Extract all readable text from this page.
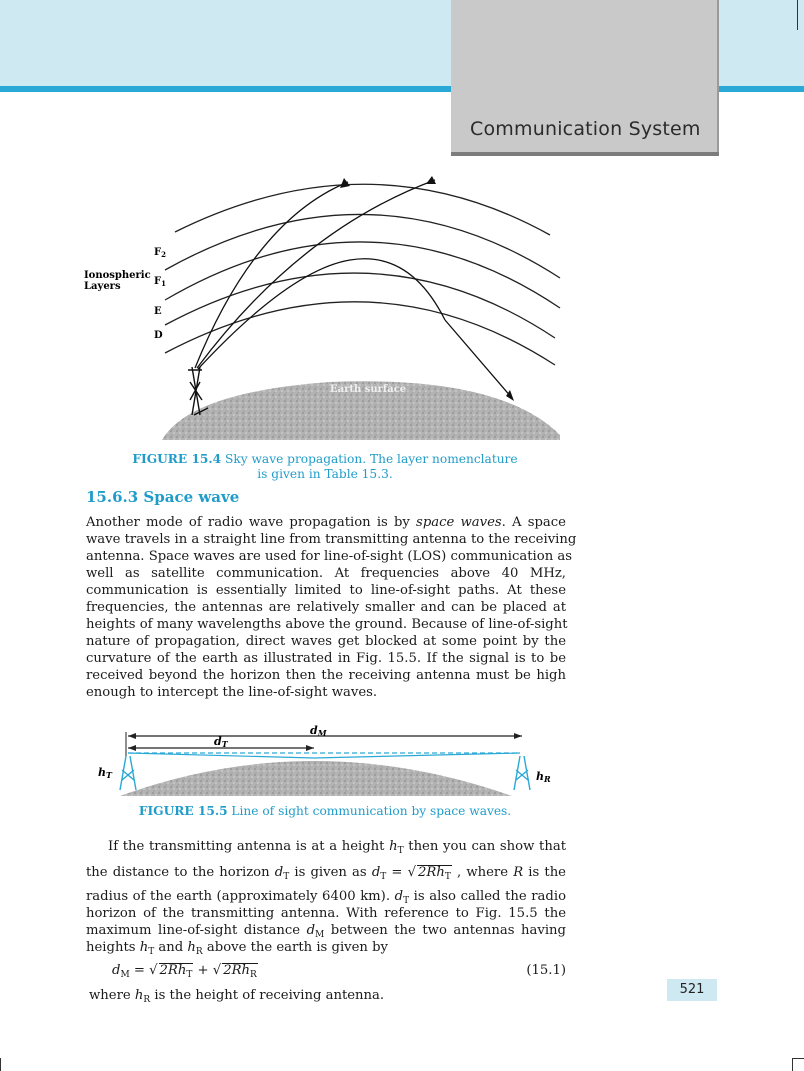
Communication System
Earth surface
Ionospheric
Layers
$F_2$
$F_1$
E
D
FIGURE 15.4 Sky wave propagation. The layer nomenclature
is given in Table 15.3.
15.6.3 Space wave
Another mode of radio wave propagation is by space waves. A space
wave travels in a straight line from transmitting antenna to the receiving
antenna. Space waves are used for line-of-sight (LOS) communication as
well as satellite communication. At frequencies above 40 MHz,
communication is essentially limited to line-of-sight paths. At these
frequencies, the antennas are relatively smaller and can be placed at
heights of many wavelengths above the ground. Because of line-of-sight
nature of propagation, direct waves get blocked at some point by the
curvature of the earth as illustrated in Fig. 15.5. If the signal is to be
received beyond the horizon then the receiving antenna must be high
enough to intercept the line-of-sight waves.
dM
dT
hT	hR
FIGURE 15.5 Line of sight communication by space waves.
If the transmitting antenna is at a height $h_T$ then you can show that
the distance to the horizon $d_T$ is given as $d_T$ = √ $2Rh_T$ , where R is the
radius of the earth (approximately 6400 km). $d_T$ is also called the radio
horizon of the transmitting antenna. With reference to Fig. 15.5 the
maximum line-of-sight distance $d_M$ between the two antennas having
heights $h_T$ and $h_R$ above the earth is given by
$d_M$ = √ $2Rh_T$ + √ $2Rh_R$	(15.1)
where $h_R$ is the height of receiving antenna.	521
